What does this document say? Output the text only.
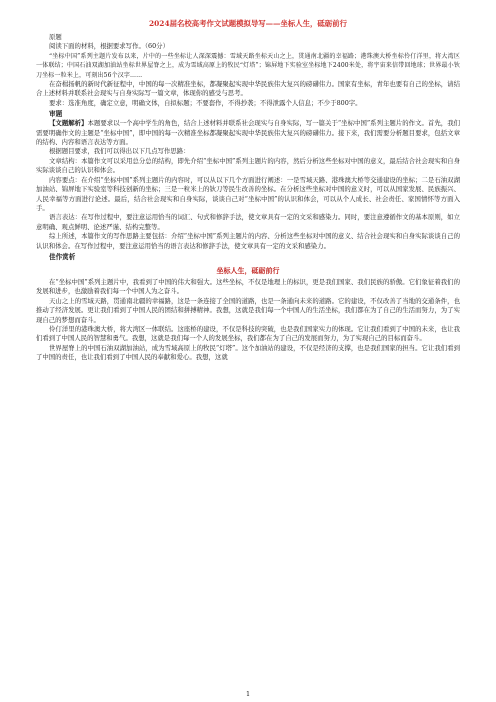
2024届名校高考作文试题模拟导写——坐标人生，砥砺前行

原题

阅读下面的材料，根据要求写作。（60分）

“坐标中国”系列主题片发布以来，片中的一些坐标让人深深震撼：雪域天路坐标天山之上，贯通南北疆的幸福路；港珠澳大桥坐标伶仃洋里，将大湾区一体联结；中国石油双湖加油站坐标世界屋脊之上，成为雪域高原上的牧民“灯塔”；锦屏地下实验室坐标地下2400米处，将宇宙来信带回地球；世界最小钬刀坐标一粒米上，可刻出56个汉字……

在奋楫扬帆的新时代新征程中，中国的每一次精准坐标，都凝聚起实现中华民族伟大复兴的磅礴伟力。国家有坐标，青年也要有自己的坐标，请结合上述材料并联系社会现实与自身实际写一篇文章，体现你的感受与思考。

要求：选准角度，确定立意，明确文体，自拟标题；不要套作，不得抄袭；不得泄露个人信息；不少于800字。

审题

【文题解析】本题要求以一个高中学生的角色，结合上述材料并联系社会现实与自身实际，写一篇关于“坐标中国”系列主题片的作文。首先，我们需要明确作文的主题是“坐标中国”，即中国的每一次精准坐标都凝聚起实现中华民族伟大复兴的磅礴伟力。接下来，我们需要分析题目要求，包括文章的结构、内容和语言表达等方面。

根据题目要求，我们可以得出以下几点写作思路：

文章结构：本篇作文可以采用总分总的结构，即先介绍“坐标中国”系列主题片的内容，然后分析这些坐标对中国的意义，最后结合社会现实和自身实际谈谈自己的认识和体会。

内容要点：在介绍“坐标中国”系列主题片的内容时，可以从以下几个方面进行阐述：一是雪域天路、港珠澳大桥等交通建设的坐标；二是石油双湖加油站、锦屏地下实验室等科技创新的坐标；三是一粒米上的钬刀等民生改善的坐标。在分析这些坐标对中国的意义时，可以从国家发展、民族振兴、人民幸福等方面进行论述。最后，结合社会现实和自身实际，谈谈自己对“坐标中国”的认识和体会，可以从个人成长、社会责任、家国情怀等方面入手。

语言表达：在写作过程中，要注意运用恰当的词汇、句式和修辞手法，使文章具有一定的文采和感染力。同时，要注意遵循作文的基本原则，如立意明确、观点鲜明、论述严谨、结构完整等。

综上所述，本篇作文的写作思路主要包括：介绍“坐标中国”系列主题片的内容、分析这些坐标对中国的意义、结合社会现实和自身实际谈谈自己的认识和体会。在写作过程中，要注意运用恰当的语言表达和修辞手法，使文章具有一定的文采和感染力。

佳作赏析
坐标人生，砥砺前行

在“坐标中国”系列主题片中，我看到了中国的伟大和强大。这些坐标，不仅是地理上的标识，更是我们国家、我们民族的骄傲。它们象征着我们的发展和进步，也激励着我们每一个中国人为之奋斗。

天山之上的雪域天路，贯通南北疆的幸福路，这是一条连接了全国的道路，也是一条通向未来的道路。它的建设，不仅改善了当地的交通条件，也推动了经济发展。更让我们看到了中国人民的团结和拼搏精神。我想，这就是我们每一个中国人的生活坐标，我们都在为了自己的生活而努力，为了实现自己的梦想而奋斗。

伶仃洋里的港珠澳大桥，将大湾区一体联结。这座桥的建设，不仅是科技的突破，也是我们国家实力的体现。它让我们看到了中国的未来，也让我们看到了中国人民的智慧和勇气。我想，这就是我们每一个人的发展坐标，我们都在为了自己的发展而努力，为了实现自己的目标而奋斗。

世界屋脊上的中国石油双湖加油站，成为雪域高原上的牧民“灯塔”。这个加油站的建设，不仅是经济的支撑，也是我们国家的担当。它让我们看到了中国的责任，也让我们看到了中国人民的奉献和爱心。我想，这就

1
